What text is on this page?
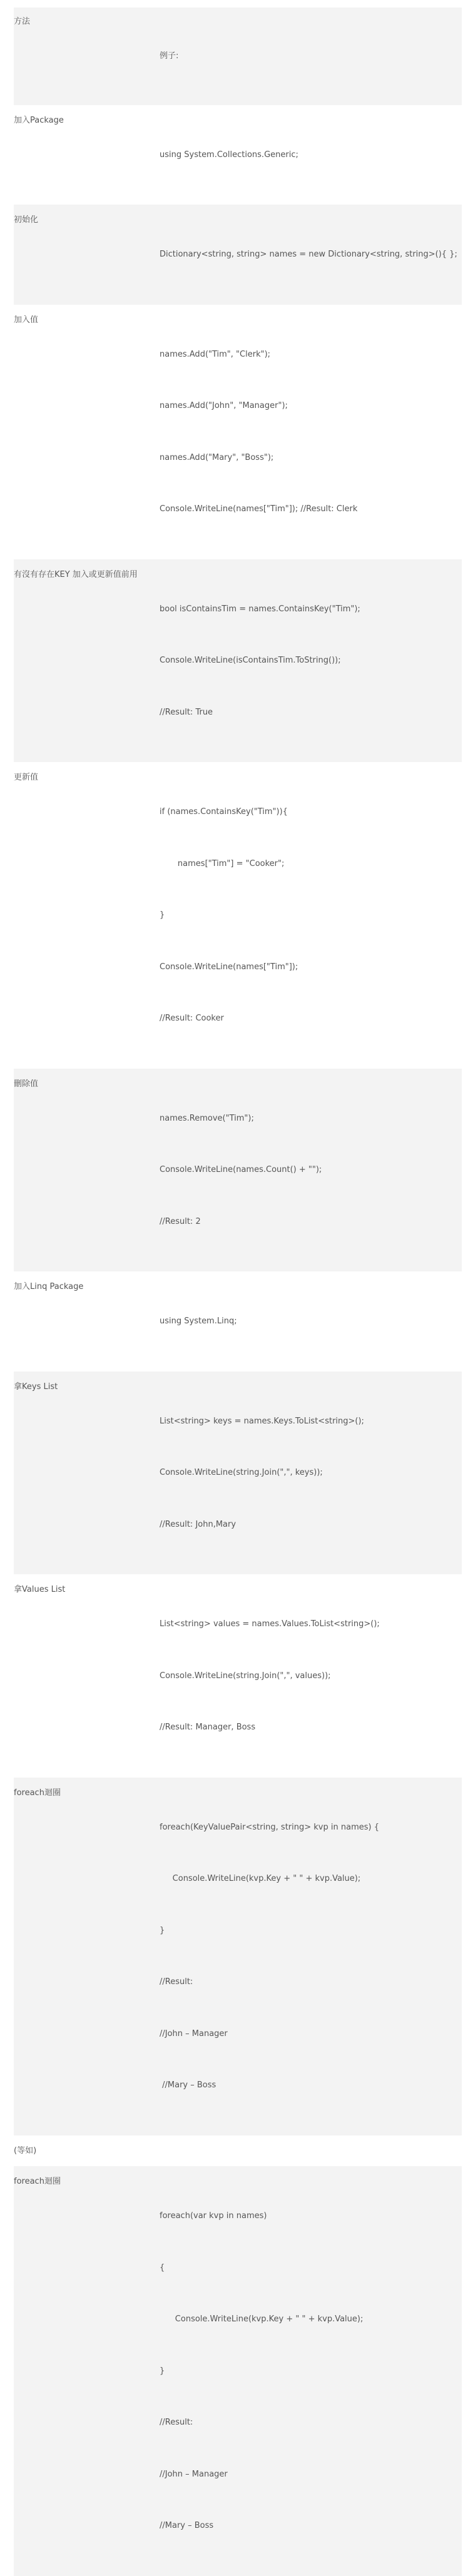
方法

例子:

加入Package

using System.Collections.Generic;

初始化

Dictionary<string, string> names = new Dictionary<string, string>(){ };

加入值

names.Add("Tim", "Clerk");

names.Add("John", "Manager");

names.Add("Mary", "Boss");

Console.WriteLine(names["Tim"]); //Result: Clerk

有沒有存在KEY 加入或更新值前用

bool isContainsTim = names.ContainsKey("Tim");

Console.WriteLine(isContainsTim.ToString());

//Result: True

更新值

if (names.ContainsKey("Tim")){

names["Tim"] = "Cooker";

}

Console.WriteLine(names["Tim"]);

//Result: Cooker

刪除值

names.Remove("Tim");

Console.WriteLine(names.Count() + "");

//Result: 2

加入Linq Package

using System.Linq;

拿Keys List

List<string> keys = names.Keys.ToList<string>();

Console.WriteLine(string.Join(",", keys));

//Result: John,Mary

拿Values List

List<string> values = names.Values.ToList<string>();

Console.WriteLine(string.Join(",", values));

//Result: Manager, Boss

foreach迴圈

foreach(KeyValuePair<string, string> kvp in names) {

Console.WriteLine(kvp.Key + " " + kvp.Value);

}

//Result:

//John – Manager

//Mary – Boss

(等如)
foreach迴圈

foreach(var kvp in names)

{

Console.WriteLine(kvp.Key + " " + kvp.Value);

}

//Result:

//John – Manager

//Mary – Boss
